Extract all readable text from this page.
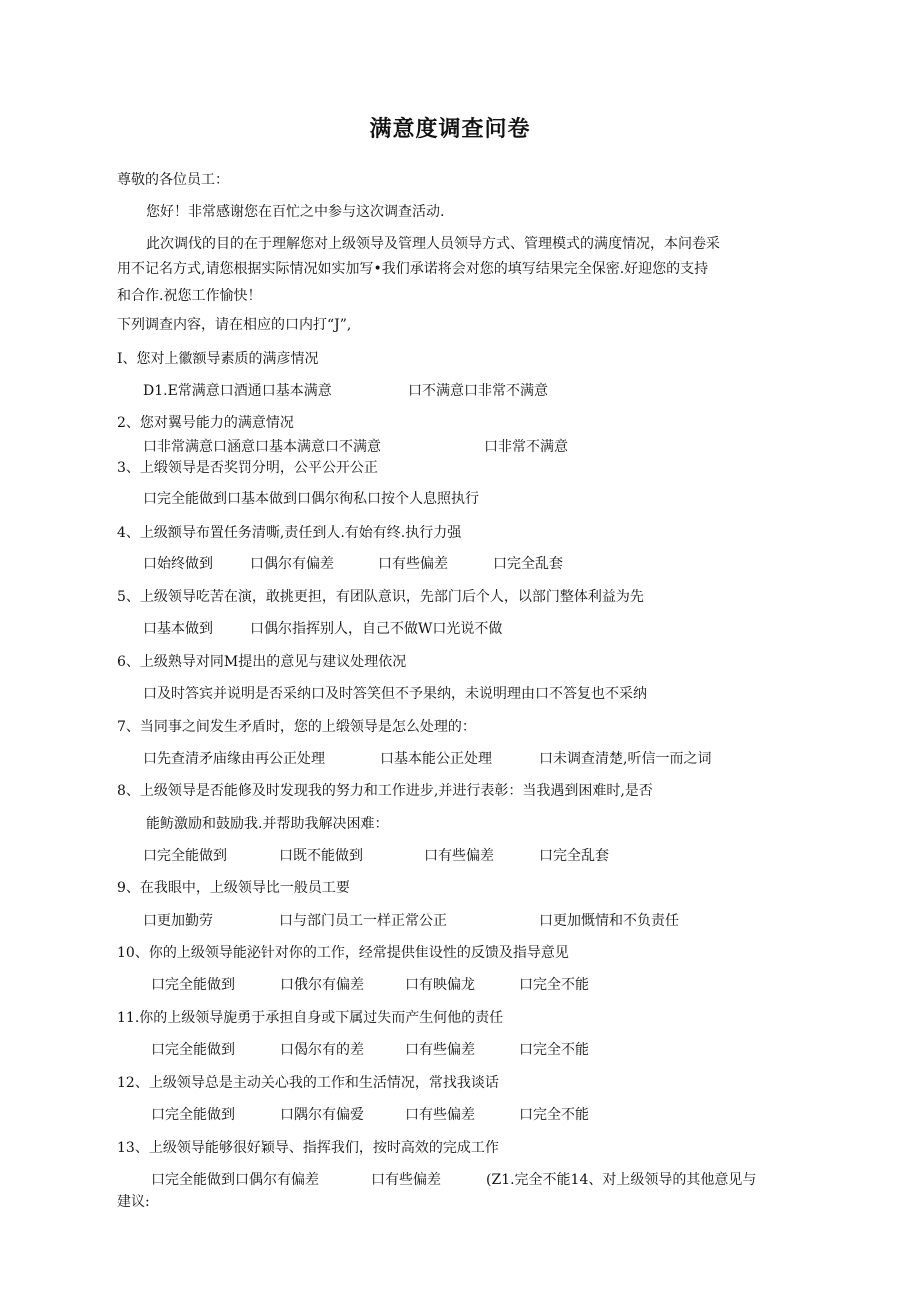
满意度调查问卷
尊敬的各位员工：
您好！非常感谢您在百忙之中参与这次调查活动.
此次调伐的目的在于理解您对上级领导及管理人员领导方式、管理模式的满度情况，本问卷采
用不记名方式,请您根据实际情况如实加写•我们承诺将会对您的填写结果完全保密.好迎您的支持
和合作.祝您工作愉快！
下列调查内容，请在相应的口内打“J”,
I、您对上徽额导素质的满彦情况
D1.E常满意口酒通口基本满意	口不满意口非常不满意
2、您对翼号能力的满意情况
口非常满意口涵意口基本满意口不满意	口非常不满意
3、上缎领导是否奖罚分明，公平公开公正
口完全能做到口基本做到口偶尔徇私口按个人息照执行
4、上级额导布置任务清嘶,责任到人.有始有终.执行力强
口始终做到	口偶尔有偏差	口有些偏差	口完全乱套
5、上级领导吃苦在演，敢挑更担，有团队意识，先部门后个人，以部门整体利益为先
口基本做到	口偶尔指挥别人，自己不做W口光说不做
6、上级熟导对同M提出的意见与建议处理依况
口及时答宾并说明是否采纳口及时答笑但不予果纳，未说明理由口不答复也不采纳
7、当同事之间发生矛盾时，您的上缎领导是怎么处理的：
口先查清矛庙缘由再公正处理	口基本能公正处理	口未调查清楚,听信一而之词
8、上级领导是否能修及时发现我的努力和工作进步,并进行表彰：当我遇到困难时,是否
能鲂激励和鼓励我.并帮助我解决困难：
口完全能做到	口既不能做到	口有些偏差	口完全乱套
9、在我眼中，上级领导比一般员工要
口更加勤劳	口与部门员工一样正常公正	口更加慨情和不负责任
10、你的上级领导能泌针对你的工作，经常提供隹设性的反馈及指导意见
口完全能做到	口俄尔有偏差	口有映偏龙	口完全不能
11.你的上级领导旎勇于承担自身或下属过失而产生何他的责任
口完全能做到	口偈尔有的差	口有些偏差	口完全不能
12、上级领导总是主动关心我的工作和生活情况，常找我谈话
口完全能做到	口隅尔有偏爱	口有些偏差	口完全不能
13、上级领导能够很好颖导、指挥我们，按时高效的完成工作
口完全能做到口偶尔有偏差	口有些偏差	(Z1.完全不能14、对上级领导的其他意见与
建议:
